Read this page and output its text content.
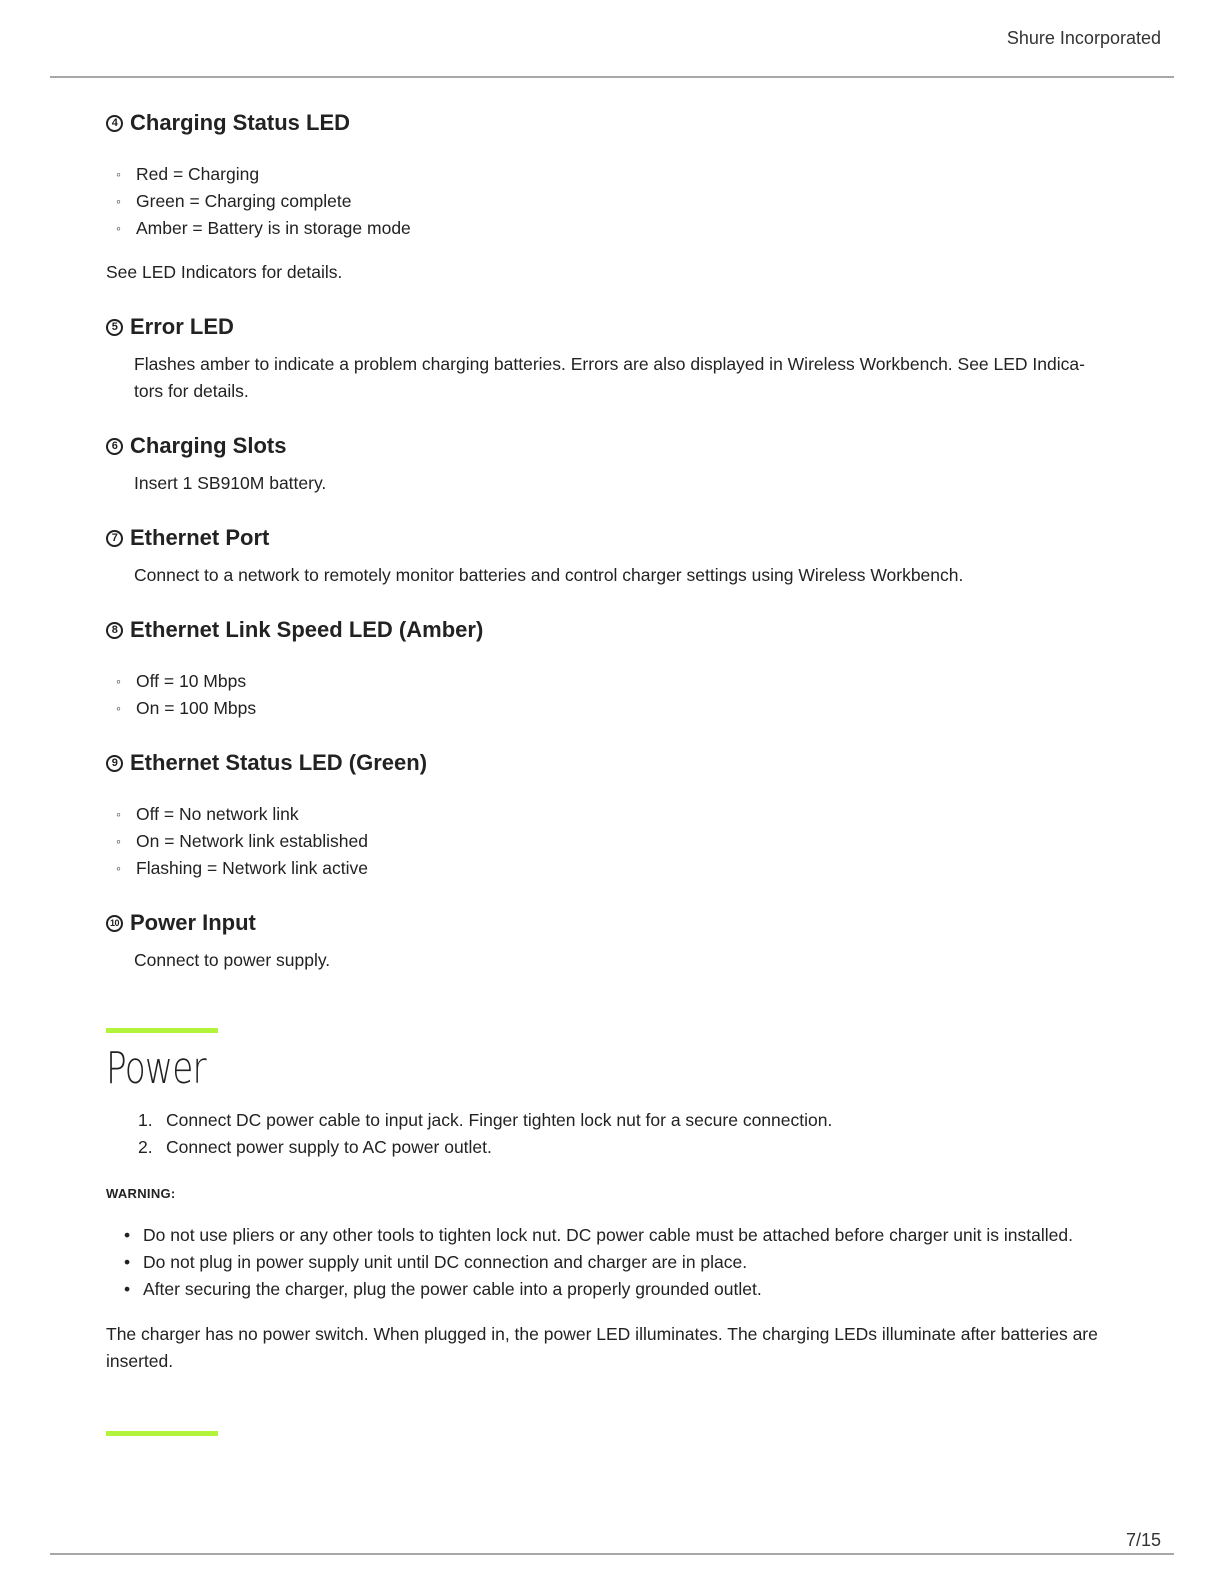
Shure Incorporated
4 Charging Status LED
◦ Red = Charging
◦ Green = Charging complete
◦ Amber = Battery is in storage mode

See LED Indicators for details.

5 Error LED

Flashes amber to indicate a problem charging batteries. Errors are also displayed in Wireless Workbench. See LED Indica- tors for details.

6 Charging Slots

Insert 1 SB910M battery.

7 Ethernet Port

Connect to a network to remotely monitor batteries and control charger settings using Wireless Workbench.

8 Ethernet Link Speed LED (Amber)
◦ Off = 10 Mbps
◦ On = 100 Mbps
9 Ethernet Status LED (Green)
◦ Off = No network link
◦ On = Network link established
◦ Flashing = Network link active
10 Power Input

Connect to power supply.

Power
1. Connect DC power cable to input jack. Finger tighten lock nut for a secure connection.
2. Connect power supply to AC power outlet.

WARNING:

• Do not use pliers or any other tools to tighten lock nut. DC power cable must be attached before charger unit is installed.
• Do not plug in power supply unit until DC connection and charger are in place.
• After securing the charger, plug the power cable into a properly grounded outlet.

The charger has no power switch. When plugged in, the power LED illuminates. The charging LEDs illuminate after batteries are inserted.

7/15
